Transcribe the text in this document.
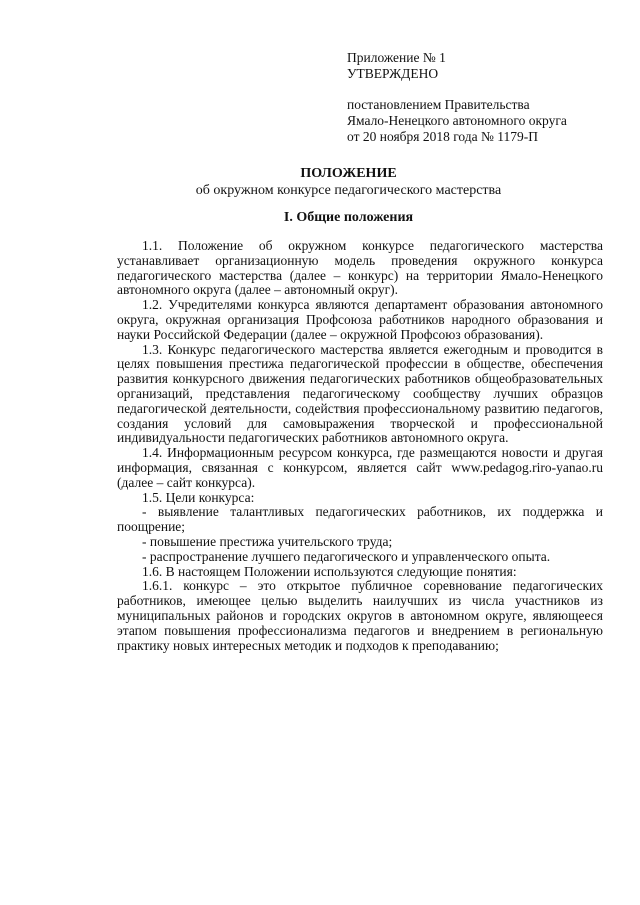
Приложение № 1
УТВЕРЖДЕНО
постановлением Правительства
Ямало-Ненецкого автономного округа
от 20 ноября 2018 года № 1179-П
ПОЛОЖЕНИЕ
об окружном конкурсе педагогического мастерства
I. Общие положения

1.1. Положение об окружном конкурсе педагогического мастерства устанавливает организационную модель проведения окружного конкурса педагогического мастерства (далее – конкурс) на территории Ямало-Ненецкого автономного округа (далее – автономный округ).

1.2. Учредителями конкурса являются департамент образования автономного округа, окружная организация Профсоюза работников народного образования и науки Российской Федерации (далее – окружной Профсоюз образования).

1.3. Конкурс педагогического мастерства является ежегодным и проводится в целях повышения престижа педагогической профессии в обществе, обеспечения развития конкурсного движения педагогических работников общеобразовательных организаций, представления педагогическому сообществу лучших образцов педагогической деятельности, содействия профессиональному развитию педагогов, создания условий для самовыражения творческой и профессиональной индивидуальности педагогических работников автономного округа.

1.4. Информационным ресурсом конкурса, где размещаются новости и другая информация, связанная с конкурсом, является сайт www.pedagog.riro-yanao.ru (далее – сайт конкурса).

1.5. Цели конкурса:

- выявление талантливых педагогических работников, их поддержка и поощрение;

- повышение престижа учительского труда;

- распространение лучшего педагогического и управленческого опыта.

1.6. В настоящем Положении используются следующие понятия:

1.6.1. конкурс – это открытое публичное соревнование педагогических работников, имеющее целью выделить наилучших из числа участников из муниципальных районов и городских округов в автономном округе, являющееся этапом повышения профессионализма педагогов и внедрением в региональную практику новых интересных методик и подходов к преподаванию;
